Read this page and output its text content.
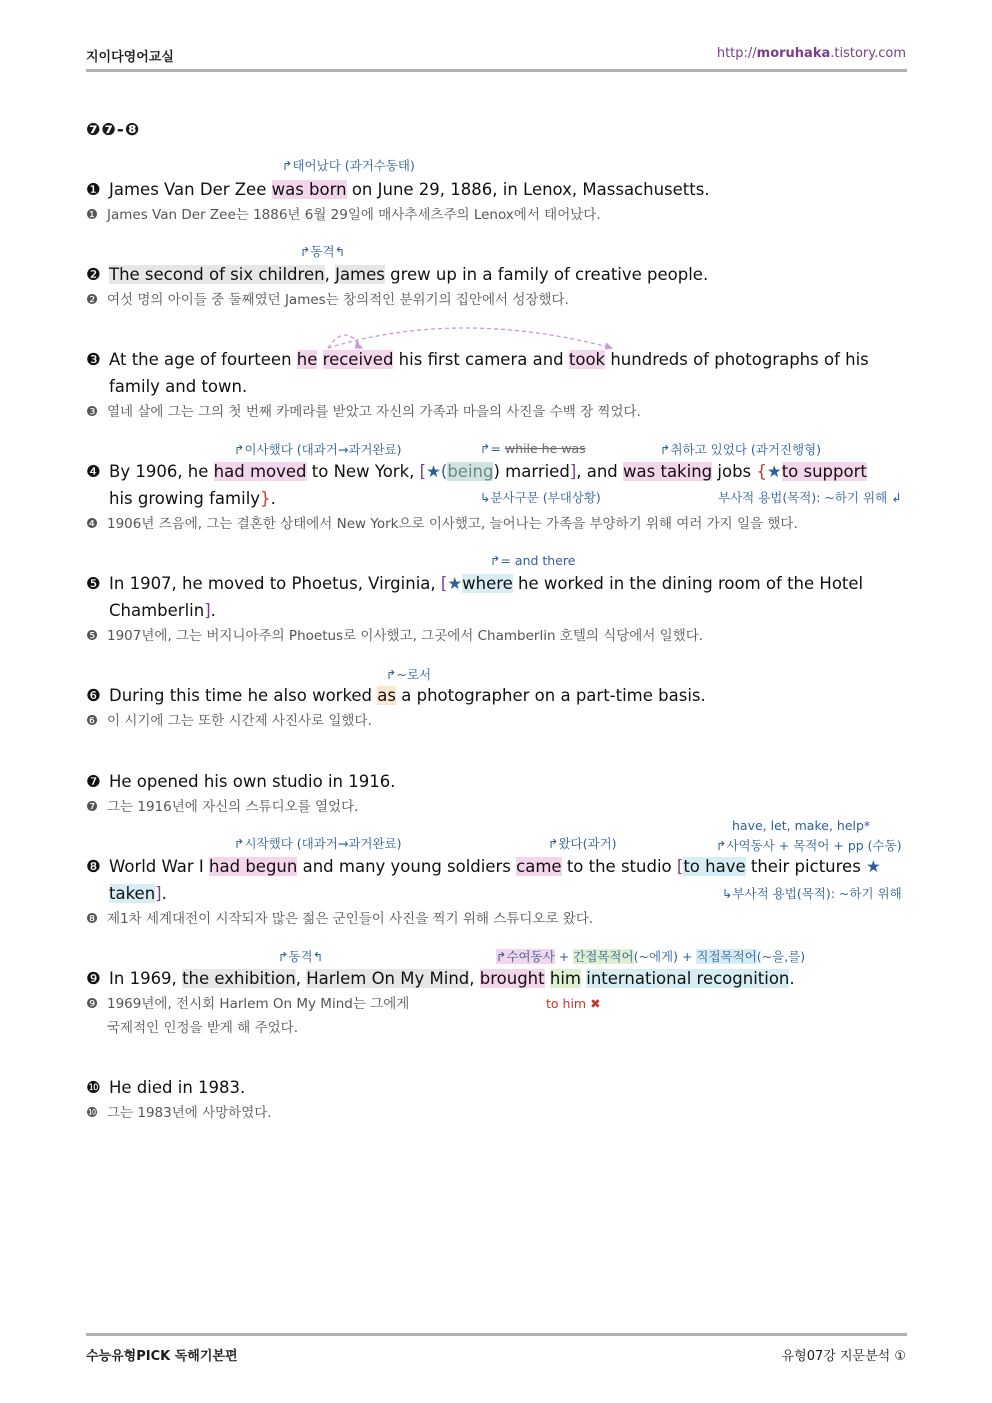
지이다영어교실	http://moruhaka.tistory.com
❼❼-❽
↱태어났다 (과거수동태)
❶ James Van Der Zee was born on June 29, 1886, in Lenox, Massachusetts.
❶ James Van Der Zee는 1886년 6월 29일에 매사추세츠주의 Lenox에서 태어났다.
↱동격↰
❷ The second of six children, James grew up in a family of creative people.
❷ 여섯 명의 아이들 중 둘째였던 James는 창의적인 분위기의 집안에서 성장했다.
❸ At the age of fourteen he received his first camera and took hundreds of photographs of his
family and town.
❸ 열네 살에 그는 그의 첫 번째 카메라를 받았고 자신의 가족과 마을의 사진을 수백 장 찍었다.
↱이사했다 (대과거→과거완료)	↱= while he was	↱취하고 있었다 (과거진행형)
❹ By 1906, he had moved to New York, [★(being) married], and was taking jobs {★to support
his growing family}.	↳분사구문 (부대상황)	부사적 용법(목적): ~하기 위해 ↲
❹ 1906년 즈음에, 그는 결혼한 상태에서 New York으로 이사했고, 늘어나는 가족을 부양하기 위해 여러 가지 일을 했다.
↱= and there
❺ In 1907, he moved to Phoetus, Virginia, [★where he worked in the dining room of the Hotel
Chamberlin].
❺ 1907년에, 그는 버지니아주의 Phoetus로 이사했고, 그곳에서 Chamberlin 호텔의 식당에서 일했다.
↱~로서
❻ During this time he also worked as a photographer on a part-time basis.
❻ 이 시기에 그는 또한 시간제 사진사로 일했다.
❼ He opened his own studio in 1916.
❼ 그는 1916년에 자신의 스튜디오를 열었다.
have, let, make, help*
↱시작했다 (대과거→과거완료)	↱왔다(과거)	↱사역동사 + 목적어 + pp (수동)
❽ World War I had begun and many young soldiers came to the studio [to have their pictures ★
taken].	↳부사적 용법(목적): ~하기 위해
❽ 제1차 세계대전이 시작되자 많은 젊은 군인들이 사진을 찍기 위해 스튜디오로 왔다.
↱동격↰	↱수여동사 + 간접목적어(~에게) + 직접목적어(~을,를)
❾ In 1969, the exhibition, Harlem On My Mind, brought him international recognition.
❾ 1969년에, 전시회 Harlem On My Mind는 그에게	to him ✖
국제적인 인정을 받게 해 주었다.
❿ He died in 1983.
❿ 그는 1983년에 사망하였다.
수능유형PICK 독해기본편	유형07강 지문분석 ①
